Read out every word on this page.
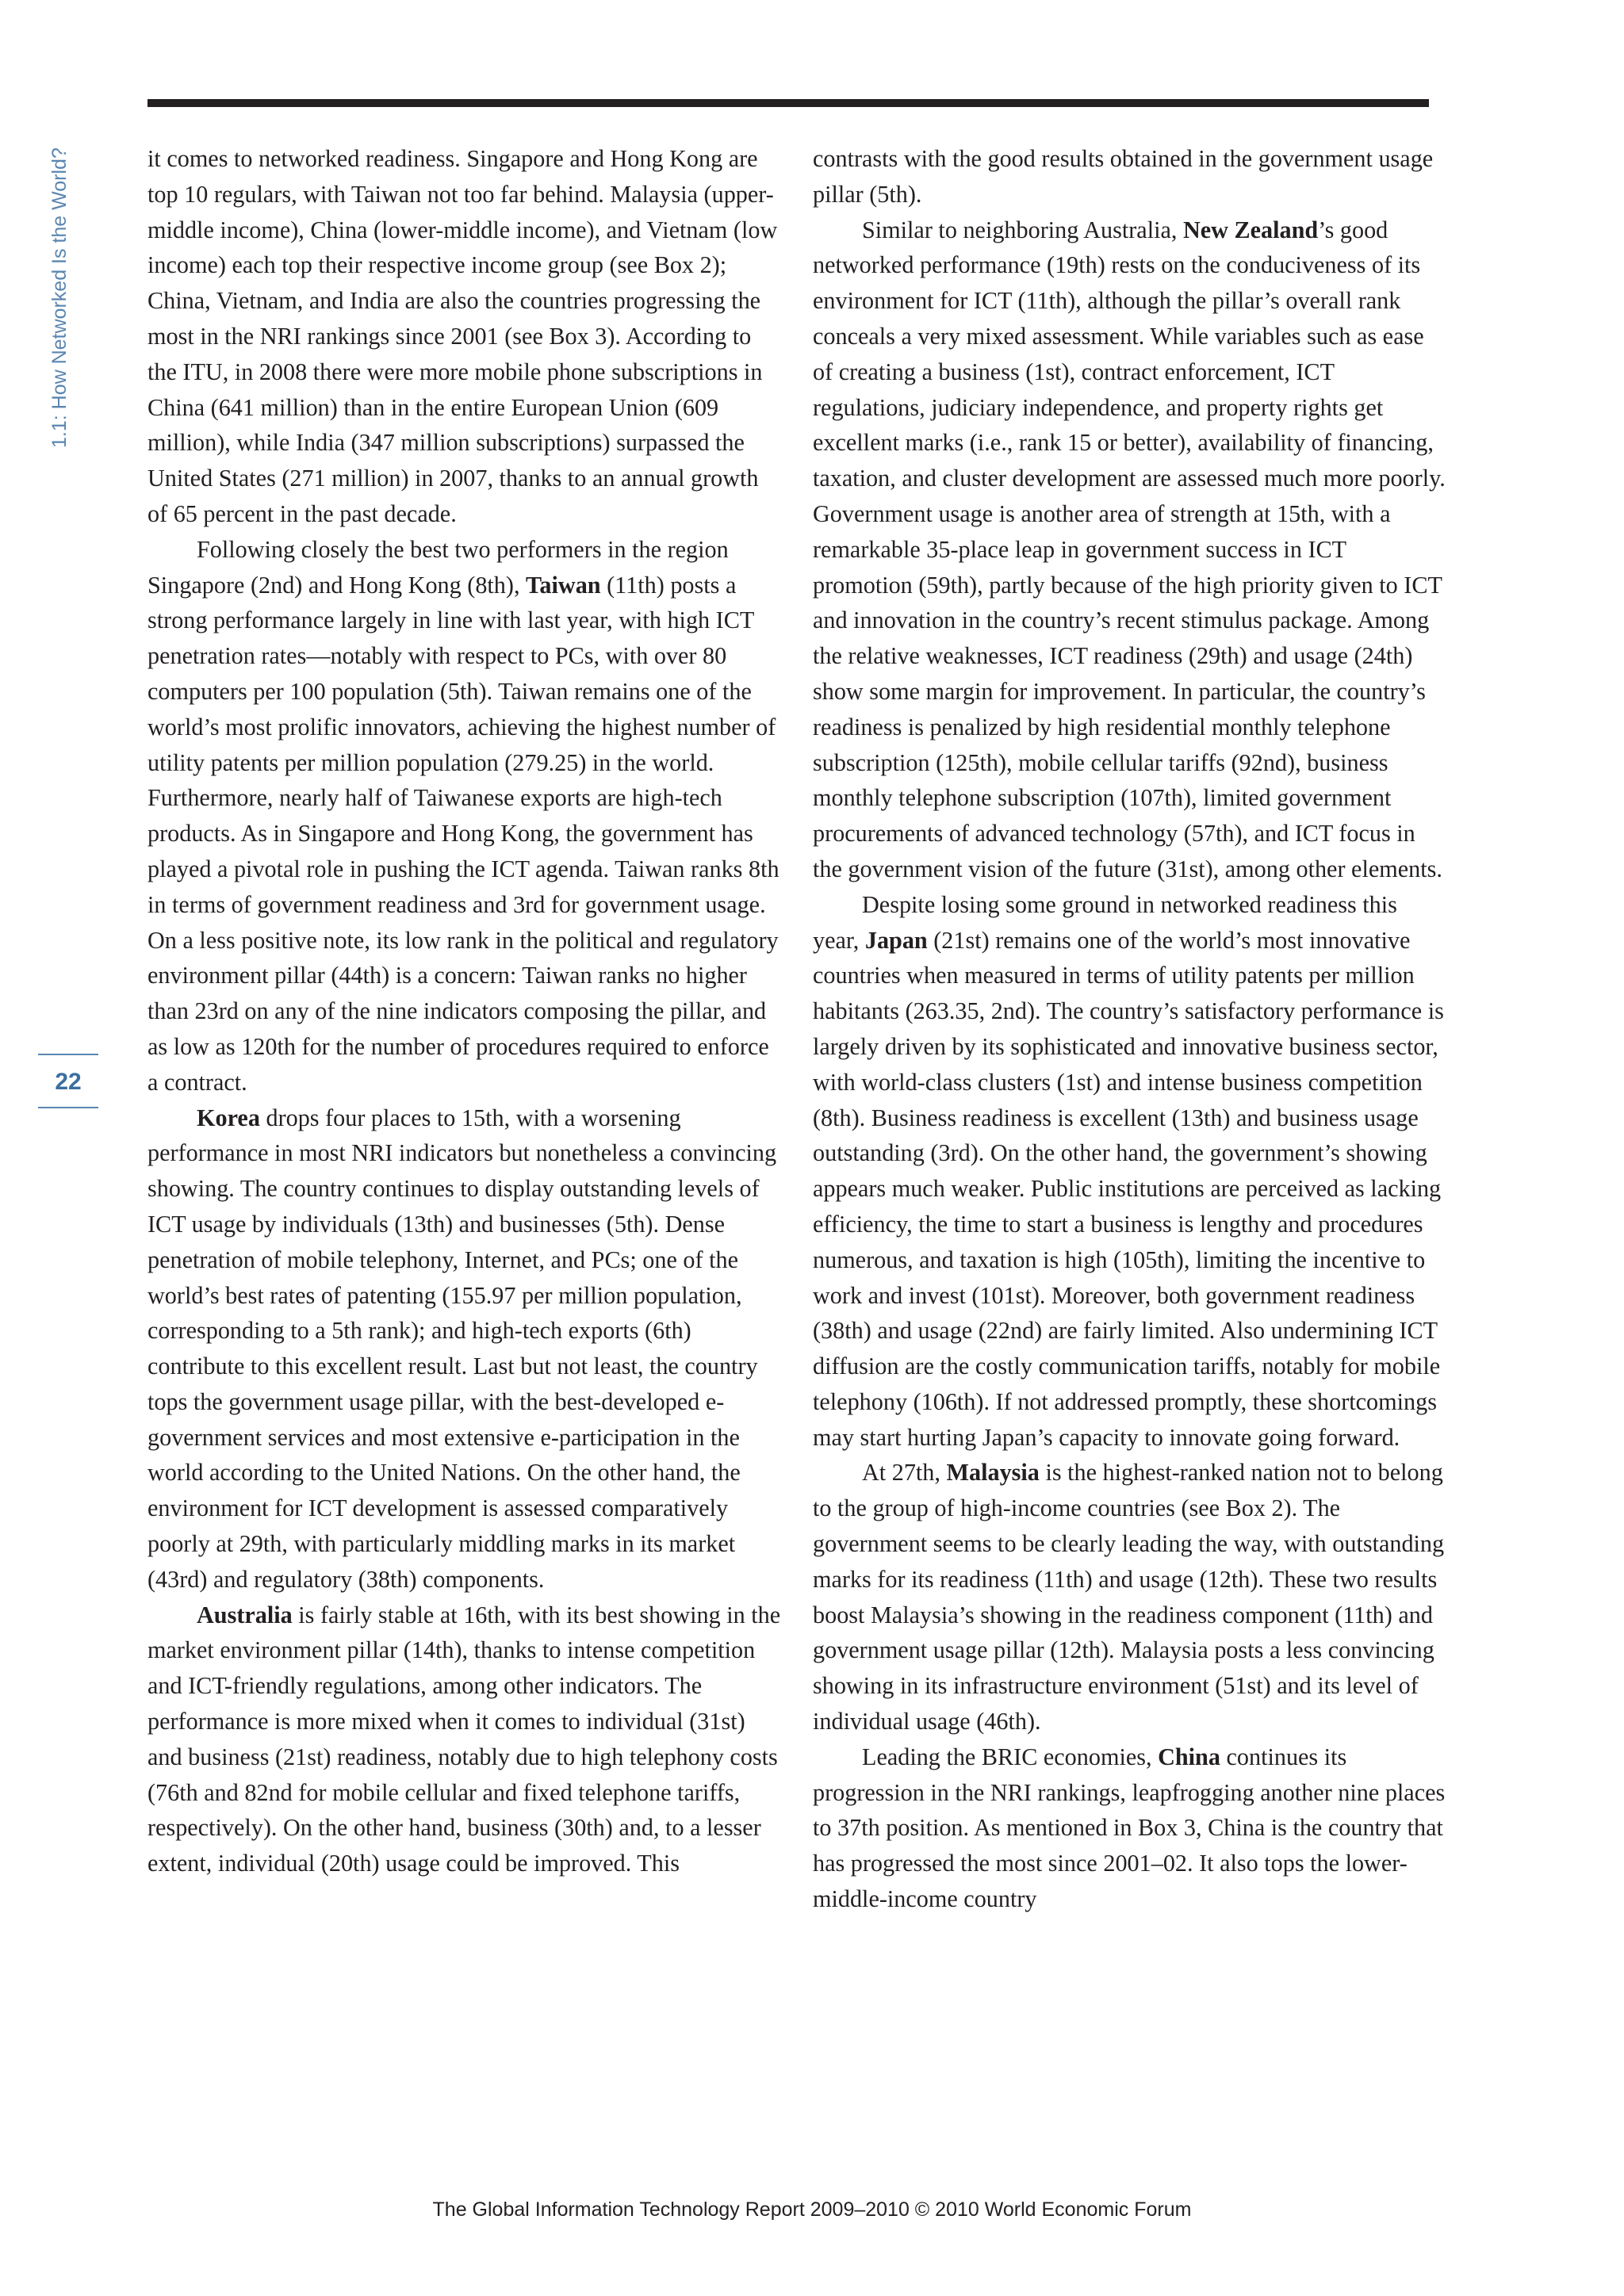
1.1: How Networked Is the World?
22

it comes to networked readiness. Singapore and Hong Kong are top 10 regulars, with Taiwan not too far behind. Malaysia (upper-middle income), China (lower-middle income), and Vietnam (low income) each top their respective income group (see Box 2); China, Vietnam, and India are also the countries progressing the most in the NRI rankings since 2001 (see Box 3). According to the ITU, in 2008 there were more mobile phone subscriptions in China (641 million) than in the entire European Union (609 million), while India (347 million subscriptions) surpassed the United States (271 million) in 2007, thanks to an annual growth of 65 percent in the past decade.

Following closely the best two performers in the region Singapore (2nd) and Hong Kong (8th), Taiwan (11th) posts a strong performance largely in line with last year, with high ICT penetration rates—notably with respect to PCs, with over 80 computers per 100 population (5th). Taiwan remains one of the world’s most prolific innovators, achieving the highest number of utility patents per million population (279.25) in the world. Furthermore, nearly half of Taiwanese exports are high-tech products. As in Singapore and Hong Kong, the government has played a pivotal role in pushing the ICT agenda. Taiwan ranks 8th in terms of government readiness and 3rd for government usage. On a less positive note, its low rank in the political and regulatory environment pillar (44th) is a concern: Taiwan ranks no higher than 23rd on any of the nine indicators composing the pillar, and as low as 120th for the number of procedures required to enforce a contract.

Korea drops four places to 15th, with a worsening performance in most NRI indicators but nonetheless a convincing showing. The country continues to display outstanding levels of ICT usage by individuals (13th) and businesses (5th). Dense penetration of mobile telephony, Internet, and PCs; one of the world’s best rates of patenting (155.97 per million population, corresponding to a 5th rank); and high-tech exports (6th) contribute to this excellent result. Last but not least, the country tops the government usage pillar, with the best-developed e-government services and most extensive e-participation in the world according to the United Nations. On the other hand, the environment for ICT development is assessed comparatively poorly at 29th, with particularly middling marks in its market (43rd) and regulatory (38th) components.

Australia is fairly stable at 16th, with its best showing in the market environment pillar (14th), thanks to intense competition and ICT-friendly regulations, among other indicators. The performance is more mixed when it comes to individual (31st) and business (21st) readiness, notably due to high telephony costs (76th and 82nd for mobile cellular and fixed telephone tariffs, respectively). On the other hand, business (30th) and, to a lesser extent, individual (20th) usage could be improved. This

contrasts with the good results obtained in the government usage pillar (5th).

Similar to neighboring Australia, New Zealand’s good networked performance (19th) rests on the conduciveness of its environment for ICT (11th), although the pillar’s overall rank conceals a very mixed assessment. While variables such as ease of creating a business (1st), contract enforcement, ICT regulations, judiciary independence, and property rights get excellent marks (i.e., rank 15 or better), availability of financing, taxation, and cluster development are assessed much more poorly. Government usage is another area of strength at 15th, with a remarkable 35-place leap in government success in ICT promotion (59th), partly because of the high priority given to ICT and innovation in the country’s recent stimulus package. Among the relative weaknesses, ICT readiness (29th) and usage (24th) show some margin for improvement. In particular, the country’s readiness is penalized by high residential monthly telephone subscription (125th), mobile cellular tariffs (92nd), business monthly telephone subscription (107th), limited government procurements of advanced technology (57th), and ICT focus in the government vision of the future (31st), among other elements.

Despite losing some ground in networked readiness this year, Japan (21st) remains one of the world’s most innovative countries when measured in terms of utility patents per million habitants (263.35, 2nd). The country’s satisfactory performance is largely driven by its sophisticated and innovative business sector, with world-class clusters (1st) and intense business competition (8th). Business readiness is excellent (13th) and business usage outstanding (3rd). On the other hand, the government’s showing appears much weaker. Public institutions are perceived as lacking efficiency, the time to start a business is lengthy and procedures numerous, and taxation is high (105th), limiting the incentive to work and invest (101st). Moreover, both government readiness (38th) and usage (22nd) are fairly limited. Also undermining ICT diffusion are the costly communication tariffs, notably for mobile telephony (106th). If not addressed promptly, these shortcomings may start hurting Japan’s capacity to innovate going forward.

At 27th, Malaysia is the highest-ranked nation not to belong to the group of high-income countries (see Box 2). The government seems to be clearly leading the way, with outstanding marks for its readiness (11th) and usage (12th). These two results boost Malaysia’s showing in the readiness component (11th) and government usage pillar (12th). Malaysia posts a less convincing showing in its infrastructure environment (51st) and its level of individual usage (46th).

Leading the BRIC economies, China continues its progression in the NRI rankings, leapfrogging another nine places to 37th position. As mentioned in Box 3, China is the country that has progressed the most since 2001–02. It also tops the lower-middle-income country

The Global Information Technology Report 2009–2010 © 2010 World Economic Forum
